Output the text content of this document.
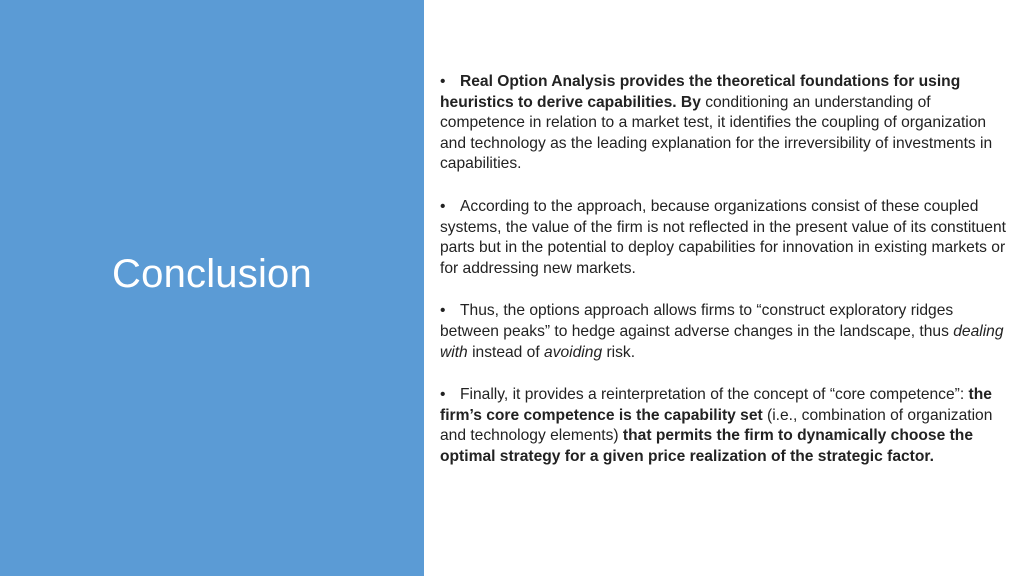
Conclusion

• Real Option Analysis provides the theoretical foundations for using heuristics to derive capabilities. By conditioning an understanding of competence in relation to a market test, it identifies the coupling of organization and technology as the leading explanation for the irreversibility of investments in capabilities.

• According to the approach, because organizations consist of these coupled systems, the value of the firm is not reflected in the present value of its constituent parts but in the potential to deploy capabilities for innovation in existing markets or for addressing new markets.

• Thus, the options approach allows firms to “construct exploratory ridges between peaks” to hedge against adverse changes in the landscape, thus dealing with instead of avoiding risk.

• Finally, it provides a reinterpretation of the concept of “core competence”: the firm’s core competence is the capability set (i.e., combination of organization and technology elements) that permits the firm to dynamically choose the optimal strategy for a given price realization of the strategic factor.
